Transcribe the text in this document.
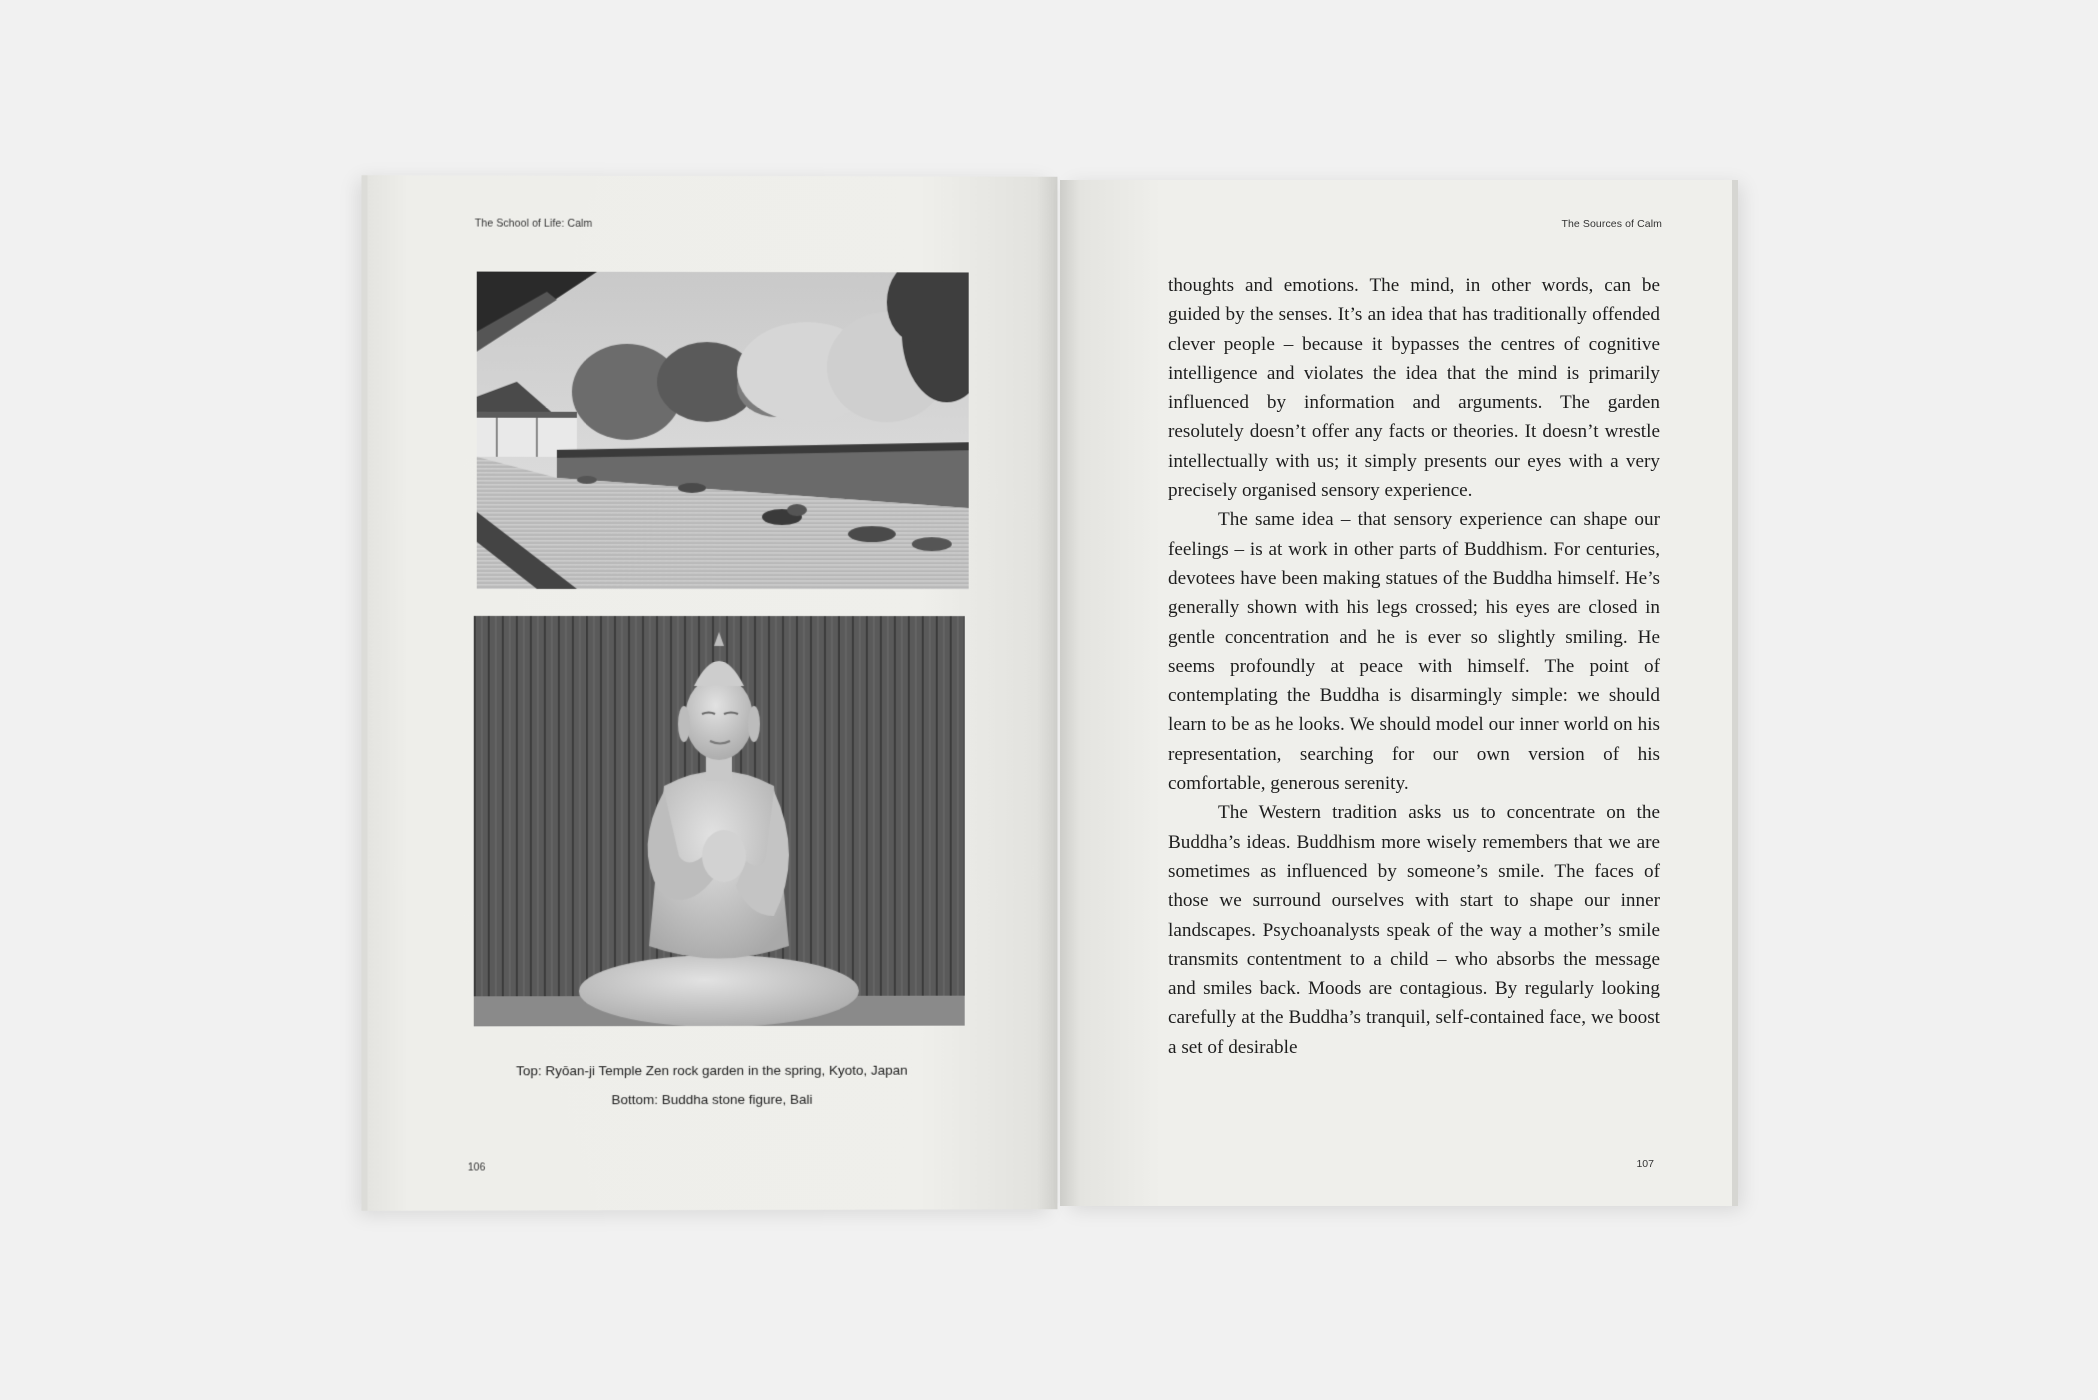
The School of Life: Calm
Top: Ryōan-ji Temple Zen rock garden in the spring, Kyoto, Japan
Bottom: Buddha stone figure, Bali
106
The Sources of Calm

thoughts and emotions. The mind, in other words, can be guided by the senses. It’s an idea that has traditionally offended clever people – because it bypasses the centres of cognitive intelligence and violates the idea that the mind is primarily influenced by information and arguments. The garden resolutely doesn’t offer any facts or theories. It doesn’t wrestle intellectually with us; it simply presents our eyes with a very precisely organised sensory experience.

The same idea – that sensory experience can shape our feelings – is at work in other parts of Buddhism. For centuries, devotees have been making statues of the Buddha himself. He’s generally shown with his legs crossed; his eyes are closed in gentle concentration and he is ever so slightly smiling. He seems profoundly at peace with himself. The point of contemplating the Buddha is disarmingly simple: we should learn to be as he looks. We should model our inner world on his representation, searching for our own version of his comfortable, generous serenity.

The Western tradition asks us to concentrate on the Buddha’s ideas. Buddhism more wisely remembers that we are sometimes as influenced by someone’s smile. The faces of those we surround ourselves with start to shape our inner landscapes. Psychoanalysts speak of the way a mother’s smile transmits contentment to a child – who absorbs the message and smiles back. Moods are contagious. By regularly looking carefully at the Buddha’s tranquil, self-contained face, we boost a set of desirable

107
